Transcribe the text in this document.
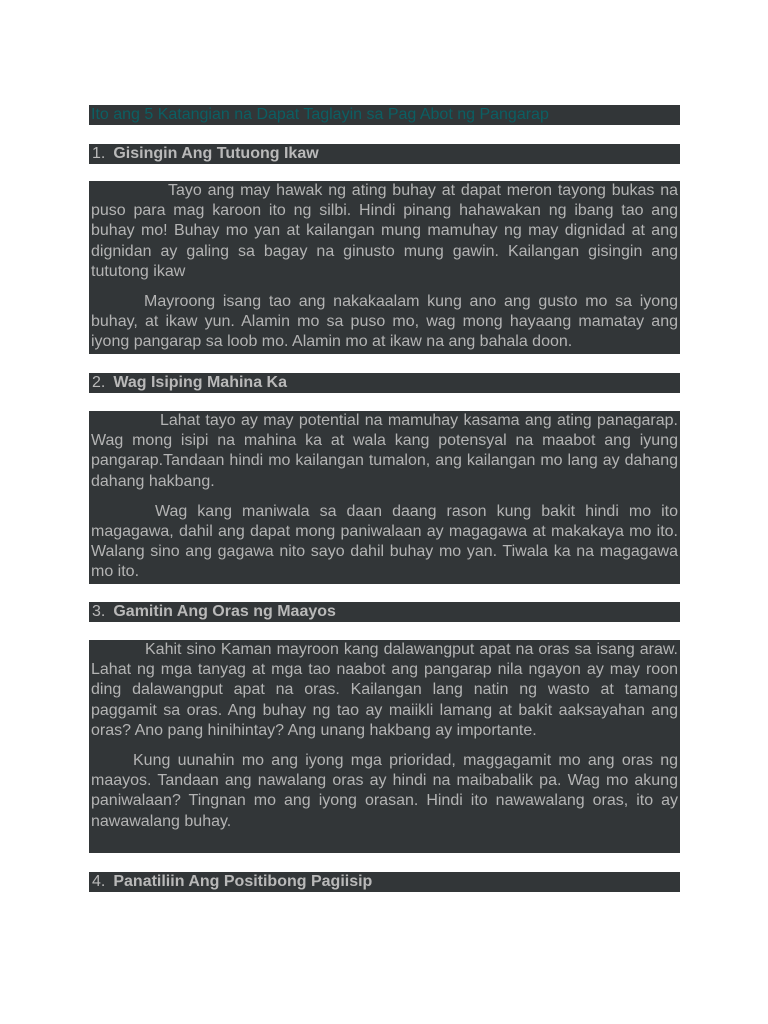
Ito ang 5 Katangian na Dapat Taglayin sa Pag Abot ng Pangarap
1. Gisingin Ang Tutuong Ikaw

Tayo ang may hawak ng ating buhay at dapat meron tayong bukas na puso para mag karoon ito ng silbi. Hindi pinang hahawakan ng ibang tao ang buhay mo! Buhay mo yan at kailangan mung mamuhay ng may dignidad at ang dignidan ay galing sa bagay na ginusto mung gawin. Kailangan gisingin ang tututong ikaw

Mayroong isang tao ang nakakaalam kung ano ang gusto mo sa iyong buhay, at ikaw yun. Alamin mo sa puso mo, wag mong hayaang mamatay ang iyong pangarap sa loob mo. Alamin mo at ikaw na ang bahala doon.

2. Wag Isiping Mahina Ka

Lahat tayo ay may potential na mamuhay kasama ang ating panagarap. Wag mong isipi na mahina ka at wala kang potensyal na maabot ang iyung pangarap.Tandaan hindi mo kailangan tumalon, ang kailangan mo lang ay dahang dahang hakbang.

Wag kang maniwala sa daan daang rason kung bakit hindi mo ito magagawa, dahil ang dapat mong paniwalaan ay magagawa at makakaya mo ito. Walang sino ang gagawa nito sayo dahil buhay mo yan. Tiwala ka na magagawa mo ito.

3. Gamitin Ang Oras ng Maayos

Kahit sino Kaman mayroon kang dalawangput apat na oras sa isang araw. Lahat ng mga tanyag at mga tao naabot ang pangarap nila ngayon ay may roon ding dalawangput apat na oras. Kailangan lang natin ng wasto at tamang paggamit sa oras. Ang buhay ng tao ay maiikli lamang at bakit aaksayahan ang oras? Ano pang hinihintay? Ang unang hakbang ay importante.

Kung uunahin mo ang iyong mga prioridad, maggagamit mo ang oras ng maayos. Tandaan ang nawalang oras ay hindi na maibabalik pa. Wag mo akung paniwalaan? Tingnan mo ang iyong orasan. Hindi ito nawawalang oras, ito ay nawawalang buhay.

4. Panatiliin Ang Positibong Pagiisip
